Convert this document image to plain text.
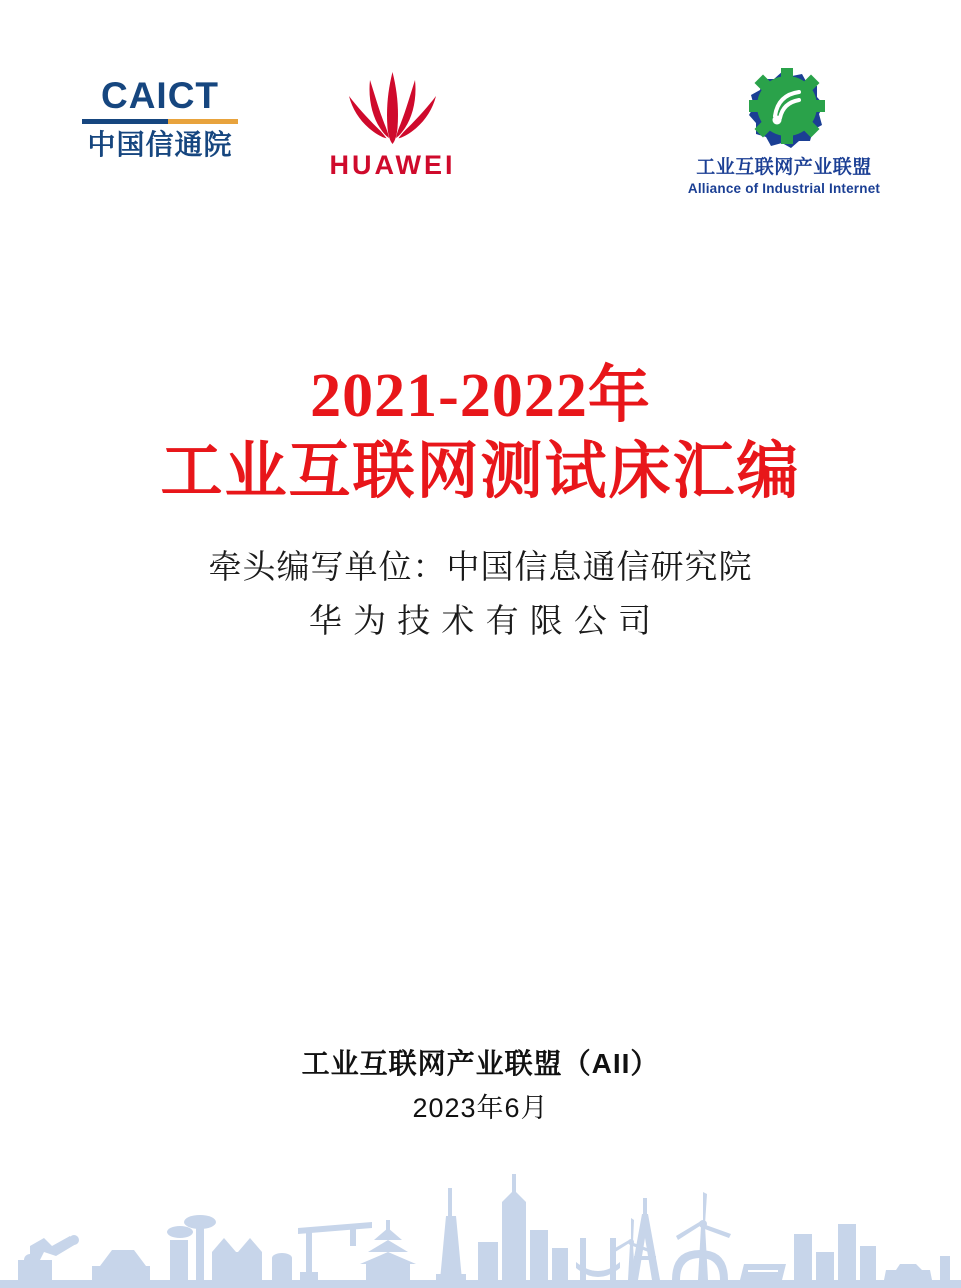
CAICT
中国信通院
HUAWEI	工业互联网产业联盟
Alliance of Industrial Internet
2021-2022年
工业互联网测试床汇编
牵头编写单位：中国信息通信研究院
华 为 技 术 有 限 公 司
工业互联网产业联盟（AII）
2023年6月
